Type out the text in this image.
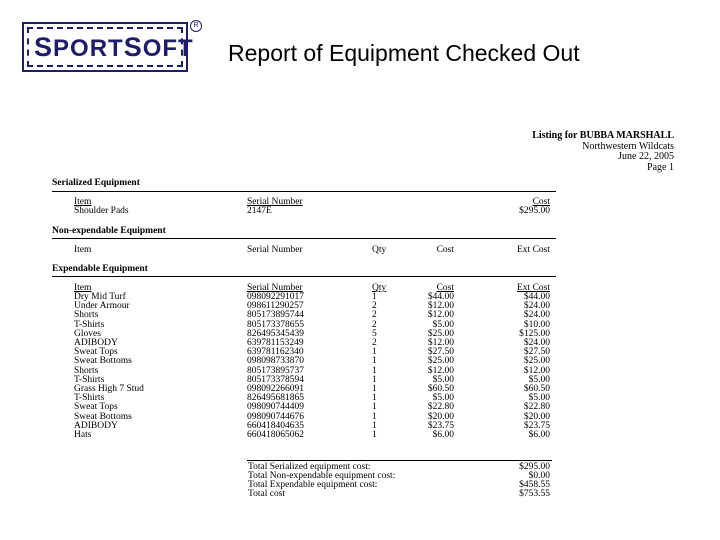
SPORTSOFT
R
Report of Equipment Checked Out
Listing for BUBBA MARSHALL
Northwestern Wildcats
June 22, 2005
Page 1
Serialized Equipment
Item	Serial Number	Cost
Shoulder Pads	2147E	$295.00
Non-expendable Equipment
Item	Serial Number	Qty	Cost	Ext Cost
Expendable Equipment
Item	Serial Number	Qty	Cost	Ext Cost
Dry Mid Turf	098092291017	1	$44.00	$44.00
Under Armour	098611290257	2	$12.00	$24.00
Shorts	805173895744	2	$12.00	$24.00
T-Shirts	805173378655	2	$5.00	$10.00
Gloves	826495345439	5	$25.00	$125.00
ADIBODY	639781153249	2	$12.00	$24.00
Sweat Tops	639781162340	1	$27.50	$27.50
Sweat Bottoms	098098733870	1	$25.00	$25.00
Shorts	805173895737	1	$12.00	$12.00
T-Shirts	805173378594	1	$5.00	$5.00
Grass High 7 Stud	098092266091	1	$60.50	$60.50
T-Shirts	826495681865	1	$5.00	$5.00
Sweat Tops	098090744409	1	$22.80	$22.80
Sweat Bottoms	098090744676	1	$20.00	$20.00
ADIBODY	660418404635	1	$23.75	$23.75
Hats	660418065062	1	$6.00	$6.00
Total Serialized equipment cost:	$295.00
Total Non-expendable equipment cost:	$0.00
Total Expendable equipment cost:	$458.55
Total cost	$753.55
